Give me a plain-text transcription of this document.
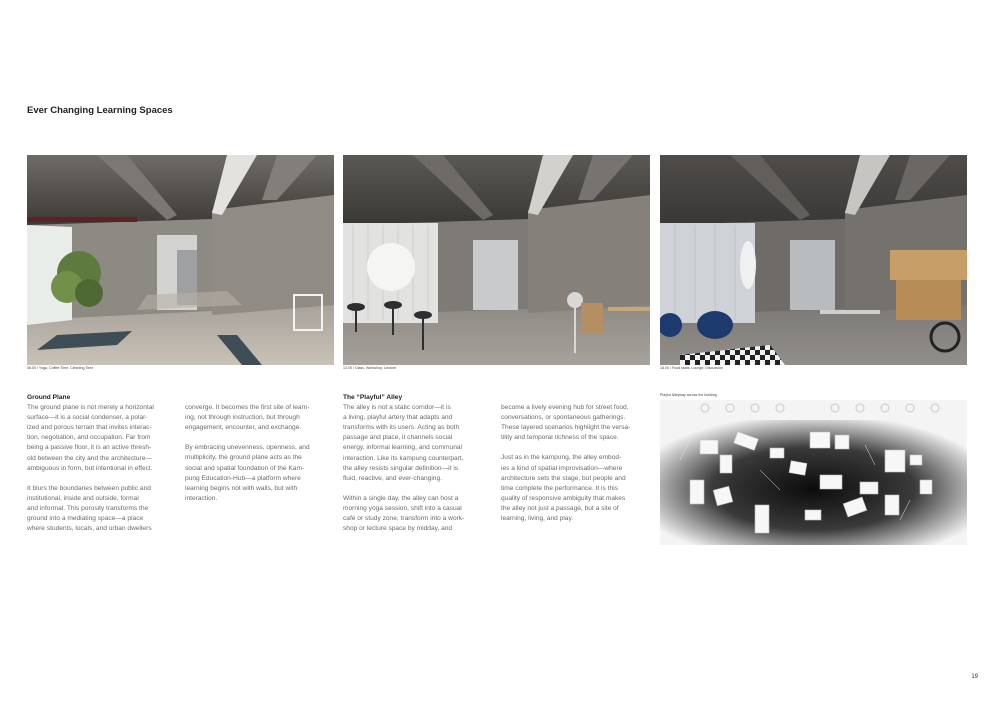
Ever Changing Learning Spaces
08.00 / Yoga, Coffee Time, Cleaning Time	13.00 / Class, Workshop, Lecture	18.00 / Food stalls, Lounge, Discussion
Ground Plane

The ground plane is not merely a horizontal
surface—it is a social condenser, a polar-
ized and porous terrain that invites interac-
tion, negotiation, and occupation. Far from
being a passive floor, it is an active thresh-
old between the city and the architecture—
ambiguous in form, but intentional in effect.

It blurs the boundaries between public and
institutional, inside and outside, formal
and informal. This porosity transforms the
ground into a mediating space—a place
where students, locals, and urban dwellers

converge. It becomes the first site of learn-
ing, not through instruction, but through
engagement, encounter, and exchange.

By embracing unevenness, openness, and
multiplicity, the ground plane acts as the
social and spatial foundation of the Kam-
pung Education-Hub—a platform where
learning begins not with walls, but with
interaction.

The “Playful” Alley

The alley is not a static corridor—it is
a living, playful artery that adapts and
transforms with its users. Acting as both
passage and place, it channels social
energy, informal learning, and communal
interaction. Like its kampung counterpart,
the alley resists singular definition—it is
fluid, reactive, and ever-changing.

Within a single day, the alley can host a
morning yoga session, shift into a casual
café or study zone, transform into a work-
shop or lecture space by midday, and

become a lively evening hub for street food,
conversations, or spontaneous gatherings.
These layered scenarios highlight the versa-
tility and temporal richness of the space.

Just as in the kampung, the alley embod-
ies a kind of spatial improvisation—where
architecture sets the stage, but people and
time complete the performance. It is this
quality of responsive ambiguity that makes
the alley not just a passage, but a site of
learning, living, and play.

Playful Alleyway across the building
19
